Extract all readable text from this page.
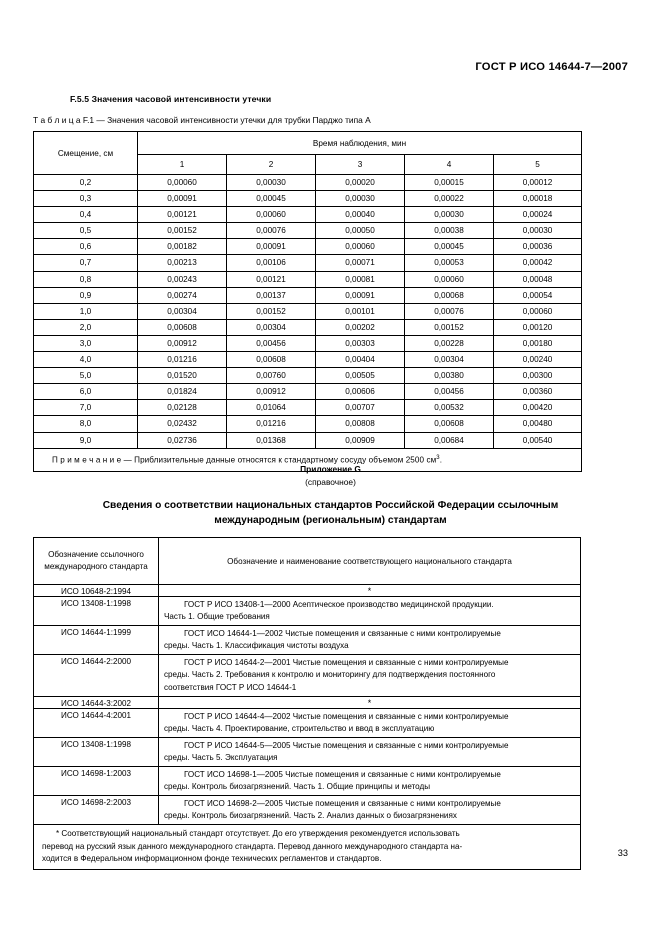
ГОСТ Р ИСО 14644-7—2007
F.5.5 Значения часовой интенсивности утечки
Т а б л и ц а F.1 — Значения часовой интенсивности утечки для трубки Парджо типа А
Смещение, см	Время наблюдения, мин				
	1	2	3	4	5
0,2	0,00060	0,00030	0,00020	0,00015	0,00012
0,3	0,00091	0,00045	0,00030	0,00022	0,00018
0,4	0,00121	0,00060	0,00040	0,00030	0,00024
0,5	0,00152	0,00076	0,00050	0,00038	0,00030
0,6	0,00182	0,00091	0,00060	0,00045	0,00036
0,7	0,00213	0,00106	0,00071	0,00053	0,00042
0,8	0,00243	0,00121	0,00081	0,00060	0,00048
0,9	0,00274	0,00137	0,00091	0,00068	0,00054
1,0	0,00304	0,00152	0,00101	0,00076	0,00060
2,0	0,00608	0,00304	0,00202	0,00152	0,00120
3,0	0,00912	0,00456	0,00303	0,00228	0,00180
4,0	0,01216	0,00608	0,00404	0,00304	0,00240
5,0	0,01520	0,00760	0,00505	0,00380	0,00300
6,0	0,01824	0,00912	0,00606	0,00456	0,00360
7,0	0,02128	0,01064	0,00707	0,00532	0,00420
8,0	0,02432	0,01216	0,00808	0,00608	0,00480
9,0	0,02736	0,01368	0,00909	0,00684	0,00540
П р и м е ч а н и е — Приблизительные данные относятся к стандартному сосуду объемом 2500 $см^3$.					
Приложение G
(справочное)
Сведения о соответствии национальных стандартов Российской Федерации ссылочным международным (региональным) стандартам
Обозначение ссылочного международного стандарта	Обозначение и наименование соответствующего национального стандарта
ИСО 10648-2:1994	*
ИСО 13408-1:1998	ГОСТ Р ИСО 13408-1—2000 Асептическое производство медицинской продукции.
Часть 1. Общие требования

ИСО 14644-1:1999	ГОСТ ИСО 14644-1—2002 Чистые помещения и связанные с ними контролируемые
среды. Часть 1. Классификация чистоты воздуха

ИСО 14644-2:2000	ГОСТ Р ИСО 14644-2—2001 Чистые помещения и связанные с ними контролируемые
среды. Часть 2. Требования к контролю и мониторингу для подтверждения постоянного
соответствия ГОСТ Р ИСО 14644-1

ИСО 14644-3:2002	*
ИСО 14644-4:2001	ГОСТ Р ИСО 14644-4—2002 Чистые помещения и связанные с ними контролируемые
среды. Часть 4. Проектирование, строительство и ввод в эксплуатацию

ИСО 13408-1:1998	ГОСТ Р ИСО 14644-5—2005 Чистые помещения и связанные с ними контролируемые
среды. Часть 5. Эксплуатация

ИСО 14698-1:2003	ГОСТ ИСО 14698-1—2005 Чистые помещения и связанные с ними контролируемые
среды. Контроль биозагрязнений. Часть 1. Общие принципы и методы

ИСО 14698-2:2003	ГОСТ ИСО 14698-2—2005 Чистые помещения и связанные с ними контролируемые
среды. Контроль биозагрязнений. Часть 2. Анализ данных о биозагрязнениях

* Соответствующий национальный стандарт отсутствует. До его утверждения рекомендуется использовать
перевод на русский язык данного международного стандарта. Перевод данного международного стандарта на-
ходится в Федеральном информационном фонде технических регламентов и стандартов.	
33
